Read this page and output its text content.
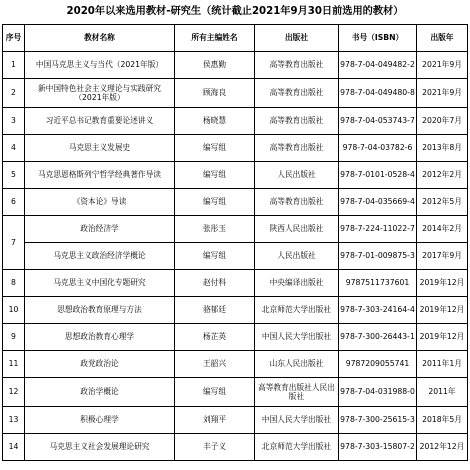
2020年以来选用教材-研究生（统计截止2021年9月30日前选用的教材）
序号	教材名称	所有主编姓名	出版社	书号（ISBN）	出版年
1	中国马克思主义与当代（2021年版）	侯惠勤	高等教育出版社	978-7-04-049482-2	2021年9月
2	新中国特色社会主义理论与实践研究（2021年版）	顾海良	高等教育出版社	978-7-04-049480-8	2021年9月
3	习近平总书记教育重要论述讲义	杨晓慧	高等教育出版社	978-7-04-053743-7	2020年7月
4	马克思主义发展史	编写组	高等教育出版社	978-7-04-03782-6	2013年8月
5	马克思恩格斯列宁哲学经典著作导读	编写组	人民出版社	978-7-0101-0528-4	2012年2月
6	《资本论》导读	编写组	高等教育出版社	978-7-04-035669-4	2012年5月
7	政治经济学	张彤玉	陕西人民出版社	978-7-224-11022-7	2014年2月
	马克思主义政治经济学概论	编写组	人民出版社	978-7-01-009875-3	2017年9月
8	马克思主义中国化专题研究	赵付科	中央编译出版社	9787511737601	2019年12月
10	思想政治教育原理与方法	骆郁廷	北京师范大学出版社	978-7-303-24164-4	2019年12月
9	思想政治教育心理学	杨芷英	中国人民大学出版社	978-7-300-26443-1	2019年12月
11	政党政治论	王韶兴	山东人民出版社	9787209055741	2011年1月
12	政治学概论	编写组	高等教育出版社人民出版社	978-7-04-031988-0	2011年
13	积极心理学	刘翔平	中国人民大学出版社	978-7-300-25615-3	2018年5月
14	马克思主义社会发展理论研究	丰子义	北京师范大学出版社	978-7-303-15807-2	2012年12月
